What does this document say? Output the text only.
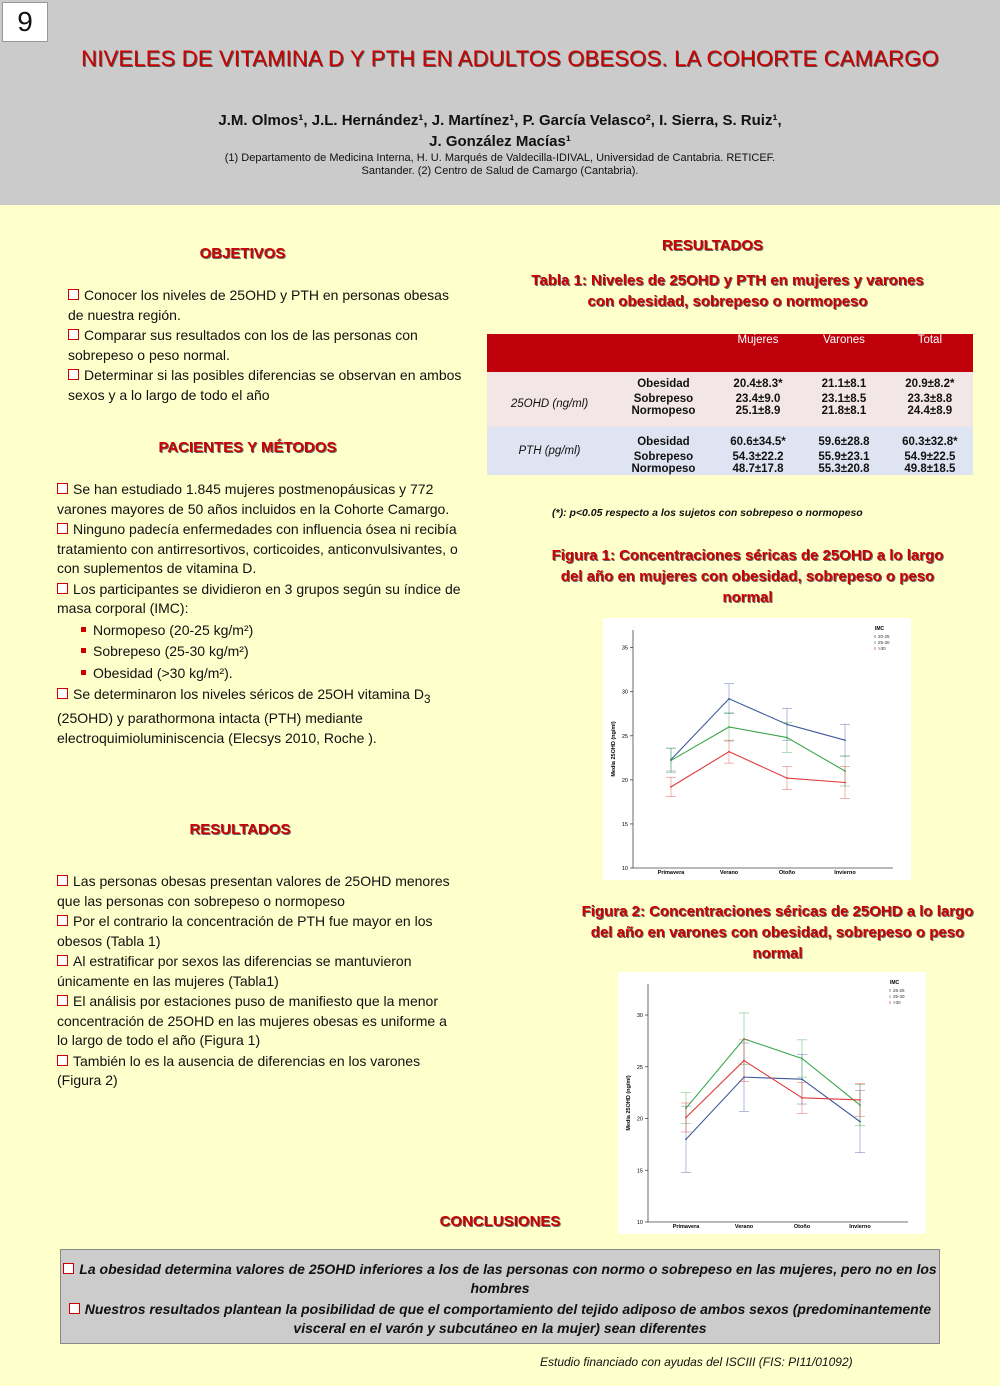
9
NIVELES DE VITAMINA D Y PTH EN ADULTOS OBESOS. LA COHORTE CAMARGO
J.M. Olmos¹, J.L. Hernández¹, J. Martínez¹, P. García Velasco², I. Sierra, S. Ruiz¹,
J. González Macías¹
(1) Departamento de Medicina Interna, H. U. Marqués de Valdecilla-IDIVAL, Universidad de Cantabria. RETICEF.
Santander. (2) Centro de Salud de Camargo (Cantabria).
OBJETIVOS

Conocer los niveles de 25OHD y PTH en personas obesas de nuestra región.

Comparar sus resultados con los de las personas con sobrepeso o peso normal.

Determinar si las posibles diferencias se observan en ambos sexos y a lo largo de todo el año

PACIENTES Y MÉTODOS

Se han estudiado 1.845 mujeres postmenopáusicas y 772 varones mayores de 50 años incluidos en la Cohorte Camargo.

Ninguno padecía enfermedades con influencia ósea ni recibía tratamiento con antirresortivos, corticoides, anticonvulsivantes, o con suplementos de vitamina D.

Los participantes se dividieron en 3 grupos según su índice de masa corporal (IMC):

Normopeso (20-25 kg/m²)

Sobrepeso (25-30 kg/m²)

Obesidad (>30 kg/m²).

Se determinaron los niveles séricos de 25OH vitamina $D_3$ (25OHD) y parathormona intacta (PTH) mediante electroquimioluminiscencia (Elecsys 2010, Roche ).

RESULTADOS

Las personas obesas presentan valores de 25OHD menores que las personas con sobrepeso o normopeso

Por el contrario la concentración de PTH fue mayor en los obesos (Tabla 1)

Al estratificar por sexos las diferencias se mantuvieron únicamente en las mujeres (Tabla1)

El análisis por estaciones puso de manifiesto que la menor concentración de 25OHD en las mujeres obesas es uniforme a lo largo de todo el año (Figura 1)

También lo es la ausencia de diferencias en los varones (Figura 2)

RESULTADOS
Tabla 1: Niveles de 25OHD y PTH en mujeres y varones con obesidad, sobrepeso o normopeso
		Mujeres	Varones	Total
25OHD (ng/ml)	Obesidad	20.4±8.3*	21.1±8.1	20.9±8.2*
	Sobrepeso	23.4±9.0	23.1±8.5	23.3±8.8
	Normopeso	25.1±8.9	21.8±8.1	24.4±8.9
PTH (pg/ml)	Obesidad	60.6±34.5*	59.6±28.8	60.3±32.8*
	Sobrepeso	54.3±22.2	55.9±23.1	54.9±22.5
	Normopeso	48.7±17.8	55.3±20.8	49.8±18.5
(*): p<0.05 respecto a los sujetos con sobrepeso o normopeso
Figura 1: Concentraciones séricas de 25OHD a lo largo del año en mujeres con obesidad, sobrepeso o peso normal
10
15
20
25
30
35
Primavera	Verano	Otoño	Invierno
Media 25OHD (ng/ml)
IMC
20-25
25-30
>30
Figura 2: Concentraciones séricas de 25OHD a lo largo del año en varones con obesidad, sobrepeso o peso normal
10
15
20
25
30
Primavera	Verano	Otoño	Invierno
Media 25OHD (ng/ml)
IMC
25-25
25-30
>30
CONCLUSIONES

La obesidad determina valores de 25OHD inferiores a los de las personas con normo o sobrepeso en las mujeres, pero no en los hombres

Nuestros resultados plantean la posibilidad de que el comportamiento del tejido adiposo de ambos sexos (predominantemente visceral en el varón y subcutáneo en la mujer) sean diferentes

Estudio financiado con ayudas del ISCIII (FIS: PI11/01092)
